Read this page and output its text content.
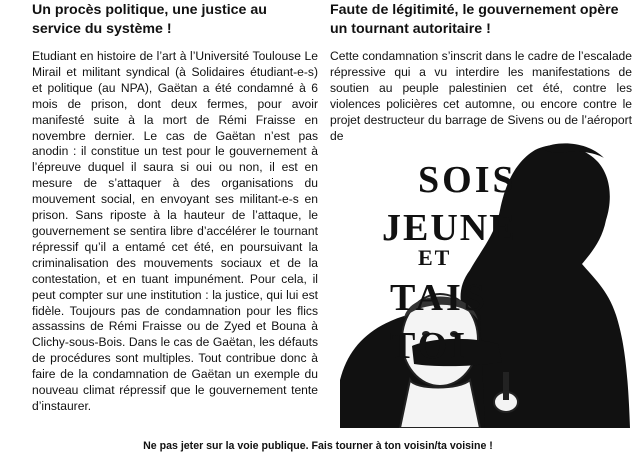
Un procès politique, une justice au service du système !

Etudiant en histoire de l’art à l’Université Toulouse Le Mirail et militant syndical (à Solidaires étudiant-e-s) et politique (au NPA), Gaëtan a été condamné à 6 mois de prison, dont deux fermes, pour avoir manifesté suite à la mort de Rémi Fraisse en novembre dernier. Le cas de Gaëtan n’est pas anodin : il constitue un test pour le gouvernement à l’épreuve duquel il saura si oui ou non, il est en mesure de s’attaquer à des organisations du mouvement social, en envoyant ses militant-e-s en prison. Sans riposte à la hauteur de l’attaque, le gouvernement se sentira libre d’accélérer le tournant répressif qu’il a entamé cet été, en poursuivant la criminalisation des mouvements sociaux et de la contestation, et en tuant impunément. Pour cela, il peut compter sur une institution : la justice, qui lui est fidèle. Toujours pas de condamnation pour les flics assassins de Rémi Fraisse ou de Zyed et Bouna à Clichy-sous-Bois. Dans le cas de Gaëtan, les défauts de procédures sont multiples. Tout contribue donc à faire de la condamnation de Gaëtan un exemple du nouveau climat répressif que le gouvernement tente d’instaurer.

Faute de légitimité, le gouvernement opère un tournant autoritaire !

Cette condamnation s’inscrit dans le cadre de l’escalade répressive qui a vu interdire les manifestations de soutien au peuple palestinien cet été, contre les violences policières cet automne, ou encore contre le projet destructeur du barrage de Sivens ou de l’aéroport de

SOIS
JEUNE
ET
TAIS
TOI
Ne pas jeter sur la voie publique. Fais tourner à ton voisin/ta voisine !
